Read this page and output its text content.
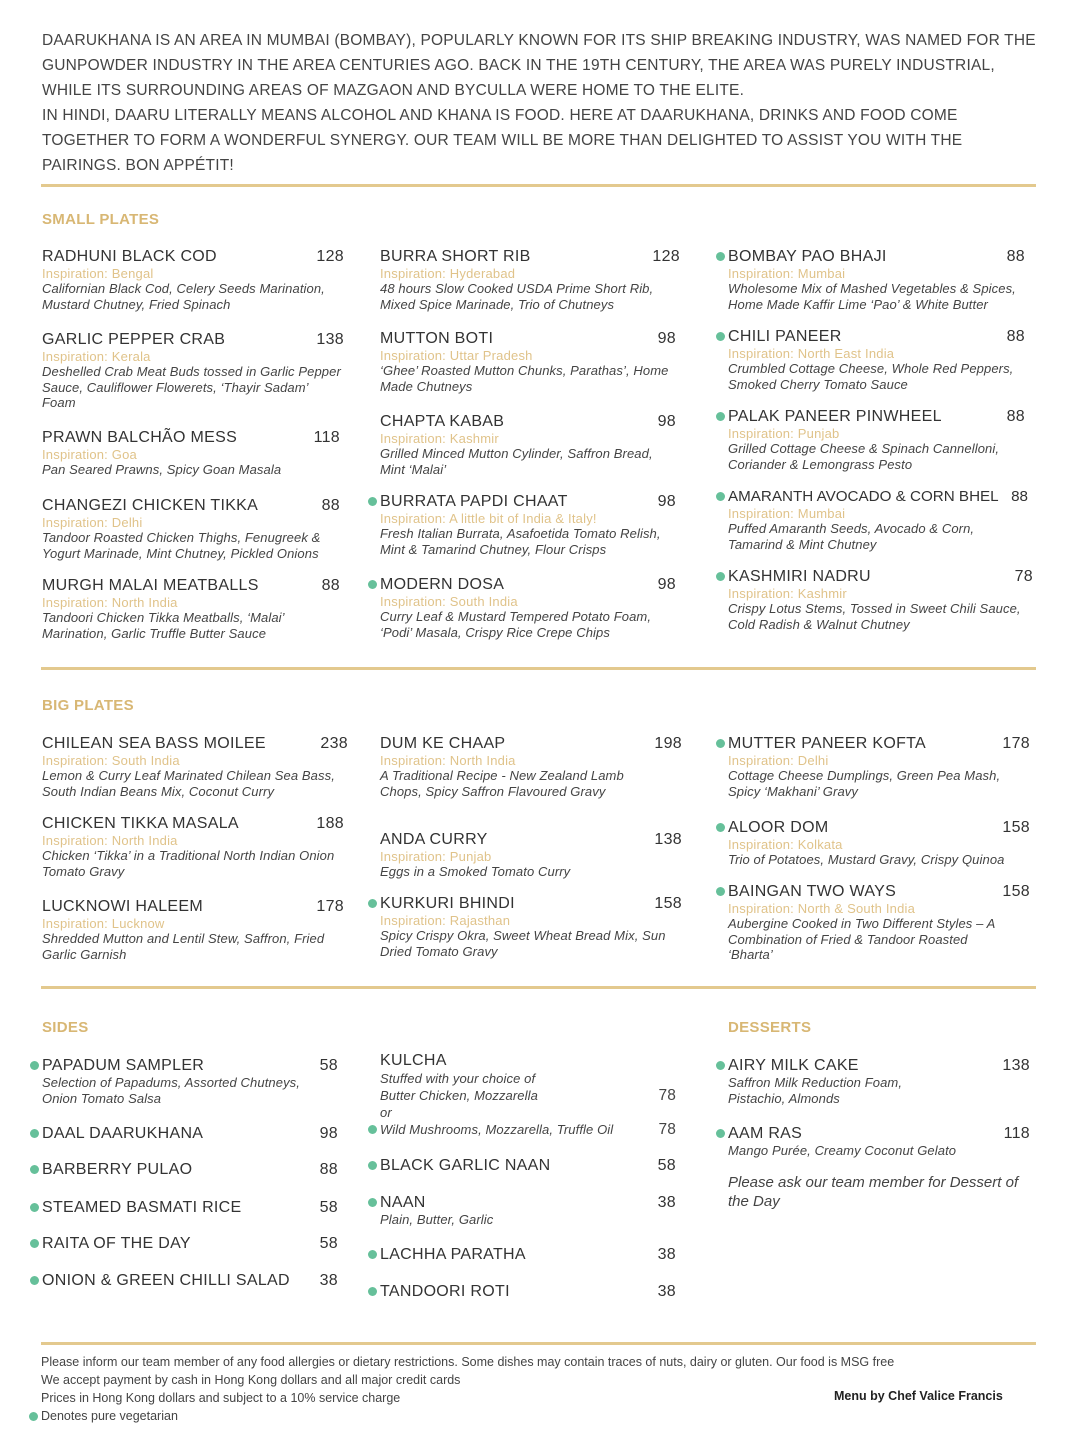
DAARUKHANA IS AN AREA IN MUMBAI (BOMBAY), POPULARLY KNOWN FOR ITS SHIP BREAKING INDUSTRY, WAS NAMED FOR THE GUNPOWDER INDUSTRY IN THE AREA CENTURIES AGO. BACK IN THE 19TH CENTURY, THE AREA WAS PURELY INDUSTRIAL, WHILE ITS SURROUNDING AREAS OF MAZGAON AND BYCULLA WERE HOME TO THE ELITE.

IN HINDI, DAARU LITERALLY MEANS ALCOHOL AND KHANA IS FOOD. HERE AT DAARUKHANA, DRINKS AND FOOD COME TOGETHER TO FORM A WONDERFUL SYNERGY. OUR TEAM WILL BE MORE THAN DELIGHTED TO ASSIST YOU WITH THE PAIRINGS. BON APPÉTIT!

SMALL PLATES
RADHUNI BLACK COD	128
Inspiration: Bengal
Californian Black Cod, Celery Seeds Marination, Mustard Chutney, Fried Spinach
GARLIC PEPPER CRAB	138
Inspiration: Kerala
Deshelled Crab Meat Buds tossed in Garlic Pepper Sauce, Cauliflower Flowerets, ‘Thayir Sadam’ Foam
PRAWN BALCHÃO MESS	118
Inspiration: Goa
Pan Seared Prawns, Spicy Goan Masala
CHANGEZI CHICKEN TIKKA	88
Inspiration: Delhi
Tandoor Roasted Chicken Thighs, Fenugreek & Yogurt Marinade, Mint Chutney, Pickled Onions
MURGH MALAI MEATBALLS	88
Inspiration: North India
Tandoori Chicken Tikka Meatballs, ‘Malai’ Marination, Garlic Truffle Butter Sauce
BURRA SHORT RIB	128
Inspiration: Hyderabad
48 hours Slow Cooked USDA Prime Short Rib, Mixed Spice Marinade, Trio of Chutneys
MUTTON BOTI	98
Inspiration: Uttar Pradesh
‘Ghee’ Roasted Mutton Chunks, Parathas’, Home Made Chutneys
CHAPTA KABAB	98
Inspiration: Kashmir
Grilled Minced Mutton Cylinder, Saffron Bread, Mint ‘Malai’
BURRATA PAPDI CHAAT	98
Inspiration: A little bit of India & Italy!
Fresh Italian Burrata, Asafoetida Tomato Relish, Mint & Tamarind Chutney, Flour Crisps
MODERN DOSA	98
Inspiration: South India
Curry Leaf & Mustard Tempered Potato Foam, ‘Podi’ Masala, Crispy Rice Crepe Chips
BOMBAY PAO BHAJI	88
Inspiration: Mumbai
Wholesome Mix of Mashed Vegetables & Spices, Home Made Kaffir Lime ‘Pao’ & White Butter
CHILI PANEER	88
Inspiration: North East India
Crumbled Cottage Cheese, Whole Red Peppers, Smoked Cherry Tomato Sauce
PALAK PANEER PINWHEEL	88
Inspiration: Punjab
Grilled Cottage Cheese & Spinach Cannelloni, Coriander & Lemongrass Pesto
AMARANTH AVOCADO & CORN BHEL 88
Inspiration: Mumbai
Puffed Amaranth Seeds, Avocado & Corn, Tamarind & Mint Chutney
KASHMIRI NADRU	78
Inspiration: Kashmir
Crispy Lotus Stems, Tossed in Sweet Chili Sauce, Cold Radish & Walnut Chutney
BIG PLATES
CHILEAN SEA BASS MOILEE	238
Inspiration: South India
Lemon & Curry Leaf Marinated Chilean Sea Bass, South Indian Beans Mix, Coconut Curry
CHICKEN TIKKA MASALA	188
Inspiration: North India
Chicken ‘Tikka’ in a Traditional North Indian Onion Tomato Gravy
LUCKNOWI HALEEM	178
Inspiration: Lucknow
Shredded Mutton and Lentil Stew, Saffron, Fried Garlic Garnish
DUM KE CHAAP	198
Inspiration: North India
A Traditional Recipe - New Zealand Lamb Chops, Spicy Saffron Flavoured Gravy
ANDA CURRY	138
Inspiration: Punjab
Eggs in a Smoked Tomato Curry
KURKURI BHINDI	158
Inspiration: Rajasthan
Spicy Crispy Okra, Sweet Wheat Bread Mix, Sun Dried Tomato Gravy
MUTTER PANEER KOFTA	178
Inspiration: Delhi
Cottage Cheese Dumplings, Green Pea Mash, Spicy ‘Makhani’ Gravy
ALOOR DOM	158
Inspiration: Kolkata
Trio of Potatoes, Mustard Gravy, Crispy Quinoa
BAINGAN TWO WAYS	158
Inspiration: North & South India
Aubergine Cooked in Two Different Styles – A Combination of Fried & Tandoor Roasted ‘Bharta’
SIDES
PAPADUM SAMPLER	58
Selection of Papadums, Assorted Chutneys, Onion Tomato Salsa
DAAL DAARUKHANA	98
BARBERRY PULAO	88
STEAMED BASMATI RICE	58
RAITA OF THE DAY	58
ONION & GREEN CHILLI SALAD 38
KULCHA
Stuffed with your choice of
Butter Chicken, Mozzarella	78
or
Wild Mushrooms, Mozzarella, Truffle Oil	78
BLACK GARLIC NAAN	58
NAAN	38
Plain, Butter, Garlic
LACHHA PARATHA	38
TANDOORI ROTI	38
DESSERTS
AIRY MILK CAKE	138
Saffron Milk Reduction Foam, Pistachio, Almonds
AAM RAS	118
Mango Purée, Creamy Coconut Gelato
Please ask our team member for Dessert of the Day
Please inform our team member of any food allergies or dietary restrictions. Some dishes may contain traces of nuts, dairy or gluten. Our food is MSG free
We accept payment by cash in Hong Kong dollars and all major credit cards
Prices in Hong Kong dollars and subject to a 10% service charge
Denotes pure vegetarian
Menu by Chef Valice Francis
